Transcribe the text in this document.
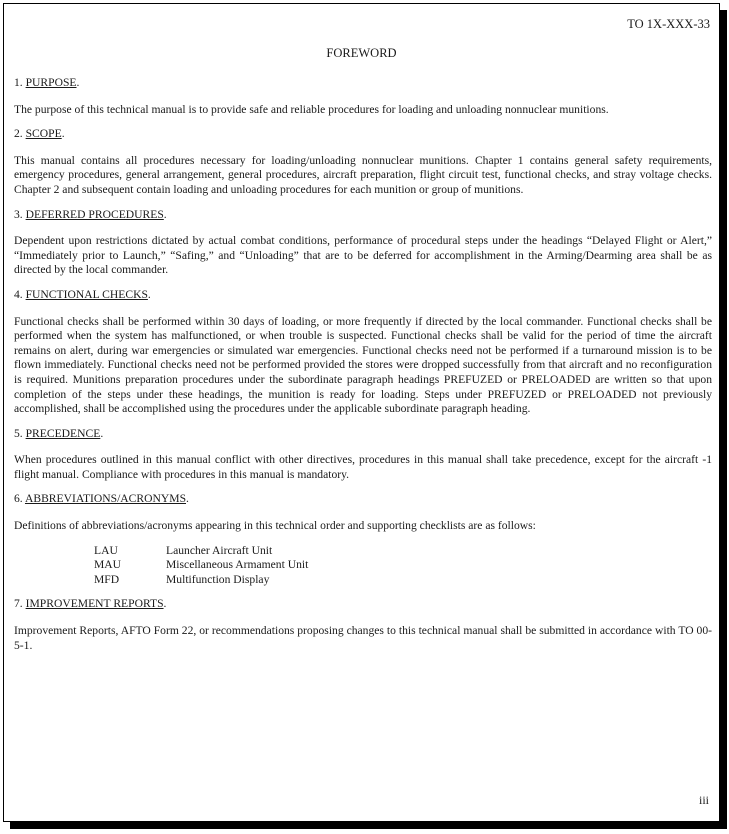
TO 1X-XXX-33
FOREWORD
1. PURPOSE.

The purpose of this technical manual is to provide safe and reliable procedures for loading and unloading nonnuclear munitions.

2. SCOPE.

This manual contains all procedures necessary for loading/unloading nonnuclear munitions. Chapter 1 contains general safety requirements, emergency procedures, general arrangement, general procedures, aircraft preparation, flight circuit test, functional checks, and stray voltage checks. Chapter 2 and subsequent contain loading and unloading procedures for each munition or group of munitions.

3. DEFERRED PROCEDURES.

Dependent upon restrictions dictated by actual combat conditions, performance of procedural steps under the headings “Delayed Flight or Alert,” “Immediately prior to Launch,” “Safing,” and “Unloading” that are to be deferred for accomplishment in the Arming/Dearming area shall be as directed by the local commander.

4. FUNCTIONAL CHECKS.

Functional checks shall be performed within 30 days of loading, or more frequently if directed by the local commander. Functional checks shall be performed when the system has malfunctioned, or when trouble is suspected. Functional checks shall be valid for the period of time the aircraft remains on alert, during war emergencies or simulated war emergencies. Functional checks need not be performed if a turnaround mission is to be flown immediately. Functional checks need not be performed provided the stores were dropped successfully from that aircraft and no reconfiguration is required. Munitions preparation procedures under the subordinate paragraph headings PREFUZED or PRELOADED are written so that upon completion of the steps under these headings, the munition is ready for loading. Steps under PREFUZED or PRELOADED not previously accomplished, shall be accomplished using the procedures under the applicable subordinate paragraph heading.

5. PRECEDENCE.

When procedures outlined in this manual conflict with other directives, procedures in this manual shall take precedence, except for the aircraft -1 flight manual. Compliance with procedures in this manual is mandatory.

6. ABBREVIATIONS/ACRONYMS.

Definitions of abbreviations/acronyms appearing in this technical order and supporting checklists are as follows:

LAU	Launcher Aircraft Unit
MAU	Miscellaneous Armament Unit
MFD	Multifunction Display
7. IMPROVEMENT REPORTS.

Improvement Reports, AFTO Form 22, or recommendations proposing changes to this technical manual shall be submitted in accordance with TO 00-5-1.

iii
